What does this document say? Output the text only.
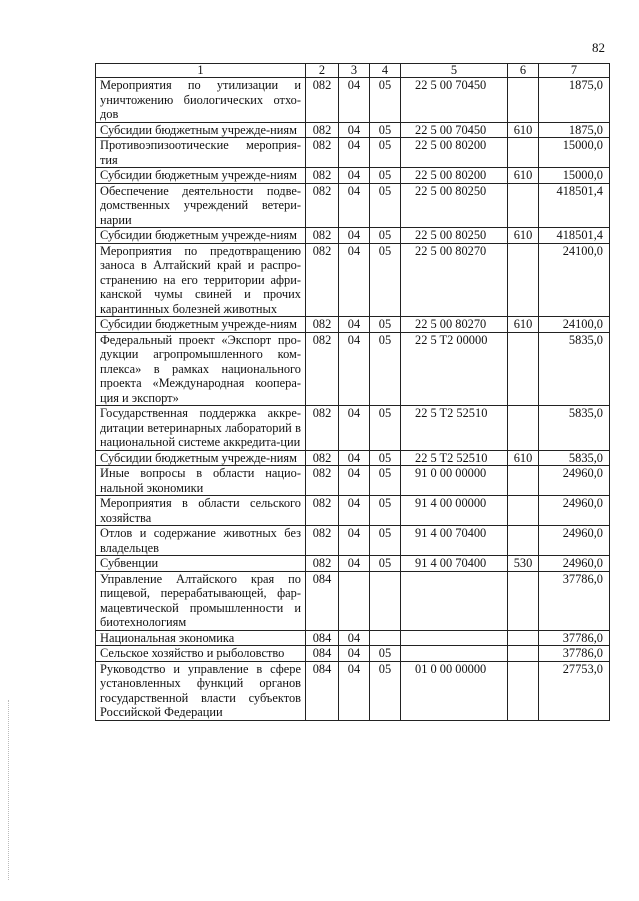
82
1	2	3	4	5	6	7
Мероприятия по утилизации и уничтожению биологических отхо-дов	082	04	05	22 5 00 70450		1875,0
Субсидии бюджетным учрежде-ниям	082	04	05	22 5 00 70450	610	1875,0
Противоэпизоотические мероприя-тия	082	04	05	22 5 00 80200		15000,0
Субсидии бюджетным учрежде-ниям	082	04	05	22 5 00 80200	610	15000,0
Обеспечение деятельности подве-домственных учреждений ветери-нарии	082	04	05	22 5 00 80250		418501,4
Субсидии бюджетным учрежде-ниям	082	04	05	22 5 00 80250	610	418501,4
Мероприятия по предотвращению заноса в Алтайский край и распро-странению на его территории афри-канской чумы свиней и прочих карантинных болезней животных	082	04	05	22 5 00 80270		24100,0
Субсидии бюджетным учрежде-ниям	082	04	05	22 5 00 80270	610	24100,0
Федеральный проект «Экспорт про-дукции агропромышленного ком-плекса» в рамках национального проекта «Международная коопера-ция и экспорт»	082	04	05	22 5 T2 00000		5835,0
Государственная поддержка аккре-дитации ветеринарных лабораторий в национальной системе аккредита-ции	082	04	05	22 5 T2 52510		5835,0
Субсидии бюджетным учрежде-ниям	082	04	05	22 5 T2 52510	610	5835,0
Иные вопросы в области нацио-нальной экономики	082	04	05	91 0 00 00000		24960,0
Мероприятия в области сельского хозяйства	082	04	05	91 4 00 00000		24960,0
Отлов и содержание животных без владельцев	082	04	05	91 4 00 70400		24960,0
Субвенции	082	04	05	91 4 00 70400	530	24960,0
Управление Алтайского края по пищевой, перерабатывающей, фар-мацевтической промышленности и биотехнологиям	084					37786,0
Национальная экономика	084	04				37786,0
Сельское хозяйство и рыболовство	084	04	05			37786,0
Руководство и управление в сфере установленных функций органов государственной власти субъектов Российской Федерации	084	04	05	01 0 00 00000		27753,0
